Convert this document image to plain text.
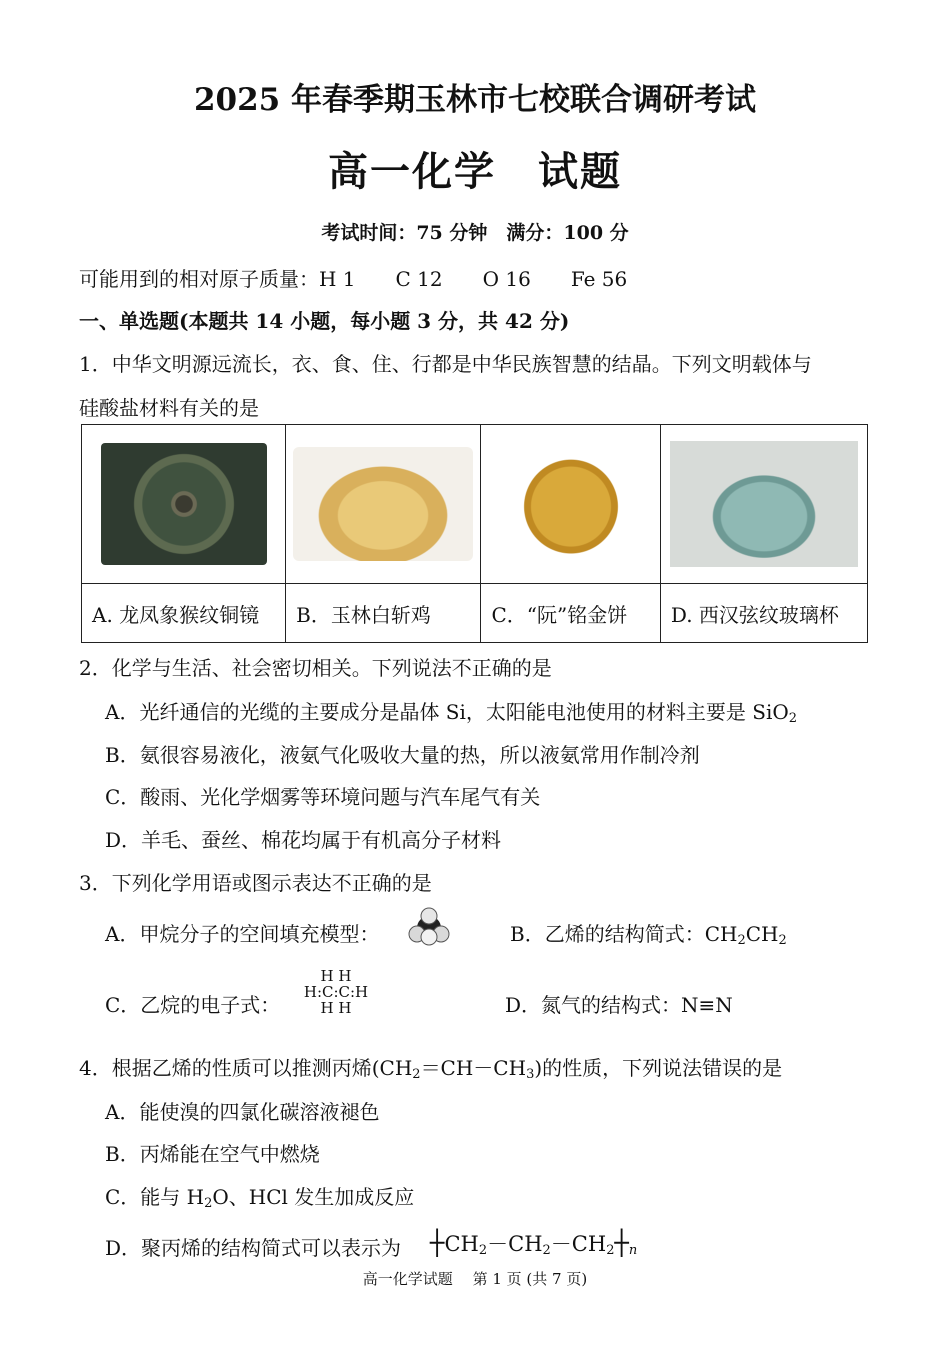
2025 年春季期玉林市七校联合调研考试
高一化学　试题
考试时间：75 分钟　满分：100 分
可能用到的相对原子质量：H 1　　C 12　　O 16　　Fe 56
一、单选题(本题共 14 小题，每小题 3 分，共 42 分)
1．中华文明源远流长，衣、食、住、行都是中华民族智慧的结晶。下列文明载体与
硅酸盐材料有关的是

A. 龙凤象猴纹铜镜	B．玉林白斩鸡	C．“阮”铭金饼	D. 西汉弦纹玻璃杯
2．化学与生活、社会密切相关。下列说法不正确的是
A．光纤通信的光缆的主要成分是晶体 Si，太阳能电池使用的材料主要是 SiO$_2$
B．氨很容易液化，液氨气化吸收大量的热，所以液氨常用作制冷剂
C．酸雨、光化学烟雾等环境问题与汽车尾气有关
D．羊毛、蚕丝、棉花均属于有机高分子材料
3．下列化学用语或图示表达不正确的是
A．甲烷分子的空间填充模型：	B．乙烯的结构简式：$CH_2CH_2$
C．乙烷的电子式：
H H
H:C:C:H
H H	D．氮气的结构式：N≡N
4．根据乙烯的性质可以推测丙烯$(CH_2=CH-CH_3)$的性质，下列说法错误的是
A．能使溴的四氯化碳溶液褪色
B．丙烯能在空气中燃烧
C．能与 $H_2O$、HCl 发生加成反应
D．聚丙烯的结构简式可以表示为 $┼CH_2-CH_2-CH_2┼_n$
高一化学试题　 第 1 页 (共 7 页)
